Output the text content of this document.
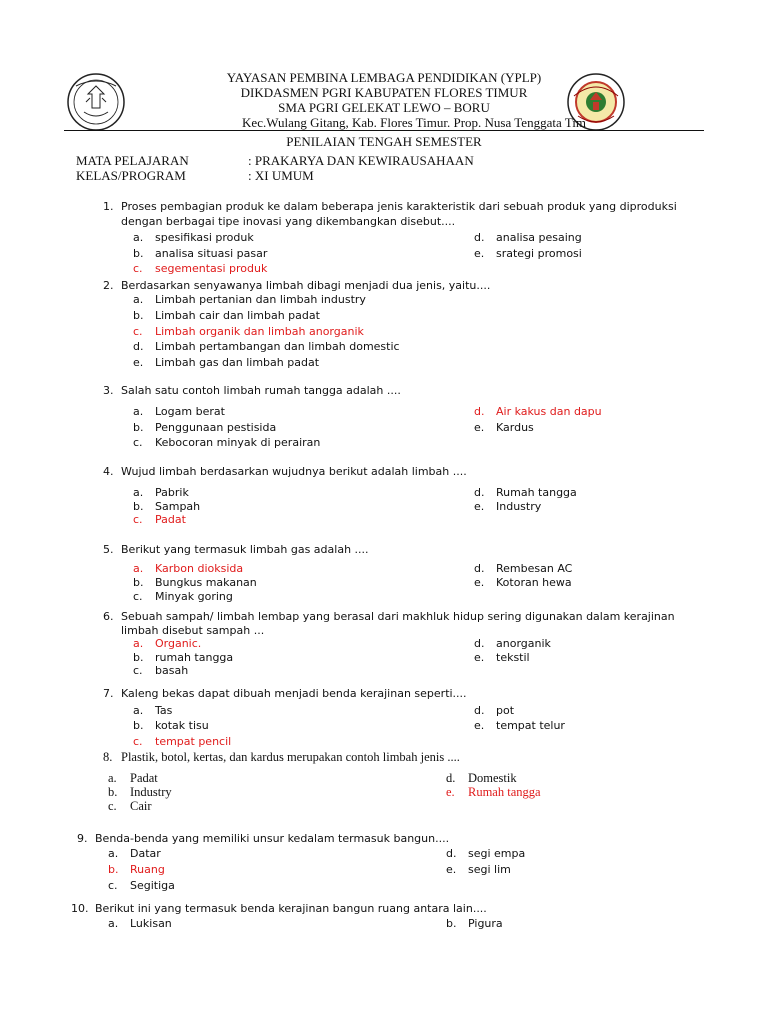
YAYASAN PEMBINA LEMBAGA PENDIDIKAN (YPLP)
DIKDASMEN PGRI KABUPATEN FLORES TIMUR
SMA PGRI GELEKAT LEWO – BORU
Kec.Wulang Gitang, Kab. Flores Timur. Prop. Nusa Tenggata Tim
PENILAIAN TENGAH SEMESTER
MATA PELAJARAN	: PRAKARYA DAN KEWIRAUSAHAAN
KELAS/PROGRAM	: XI UMUM
1. Proses pembagian produk ke dalam beberapa jenis karakteristik dari sebuah produk yang diproduksi
dengan berbagai tipe inovasi yang dikembangkan disebut....
a. spesifikasi produk
b. analisa situasi pasar
c. segementasi produk
d. analisa pesaing
e. srategi promosi
2. Berdasarkan senyawanya limbah dibagi menjadi dua jenis, yaitu....
a. Limbah pertanian dan limbah industry
b. Limbah cair dan limbah padat
c. Limbah organik dan limbah anorganik
d. Limbah pertambangan dan limbah domestic
e. Limbah gas dan limbah padat
3. Salah satu contoh limbah rumah tangga adalah ....
a. Logam berat
b. Penggunaan pestisida
c. Kebocoran minyak di perairan
d. Air kakus dan dapu
e. Kardus
4. Wujud limbah berdasarkan wujudnya berikut adalah limbah ....
a. Pabrik
b. Sampah
c. Padat
d. Rumah tangga
e. Industry
5. Berikut yang termasuk limbah gas adalah ....
a. Karbon dioksida
b. Bungkus makanan
c. Minyak goring
d. Rembesan AC
e. Kotoran hewa
6. Sebuah sampah/ limbah lembap yang berasal dari makhluk hidup sering digunakan dalam kerajinan
limbah disebut sampah ...
a. Organic.
b. rumah tangga
c. basah
d. anorganik
e. tekstil
7. Kaleng bekas dapat dibuah menjadi benda kerajinan seperti....
a. Tas
b. kotak tisu
c. tempat pencil
d. pot
e. tempat telur
8. Plastik, botol, kertas, dan kardus merupakan contoh limbah jenis ....
a. Padat
b. Industry
c. Cair
d. Domestik
e. Rumah tangga
9. Benda-benda yang memiliki unsur kedalam termasuk bangun....
a. Datar
b. Ruang
c. Segitiga
d. segi empa
e. segi lim
10. Berikut ini yang termasuk benda kerajinan bangun ruang antara lain....
a. Lukisan	b. Pigura
